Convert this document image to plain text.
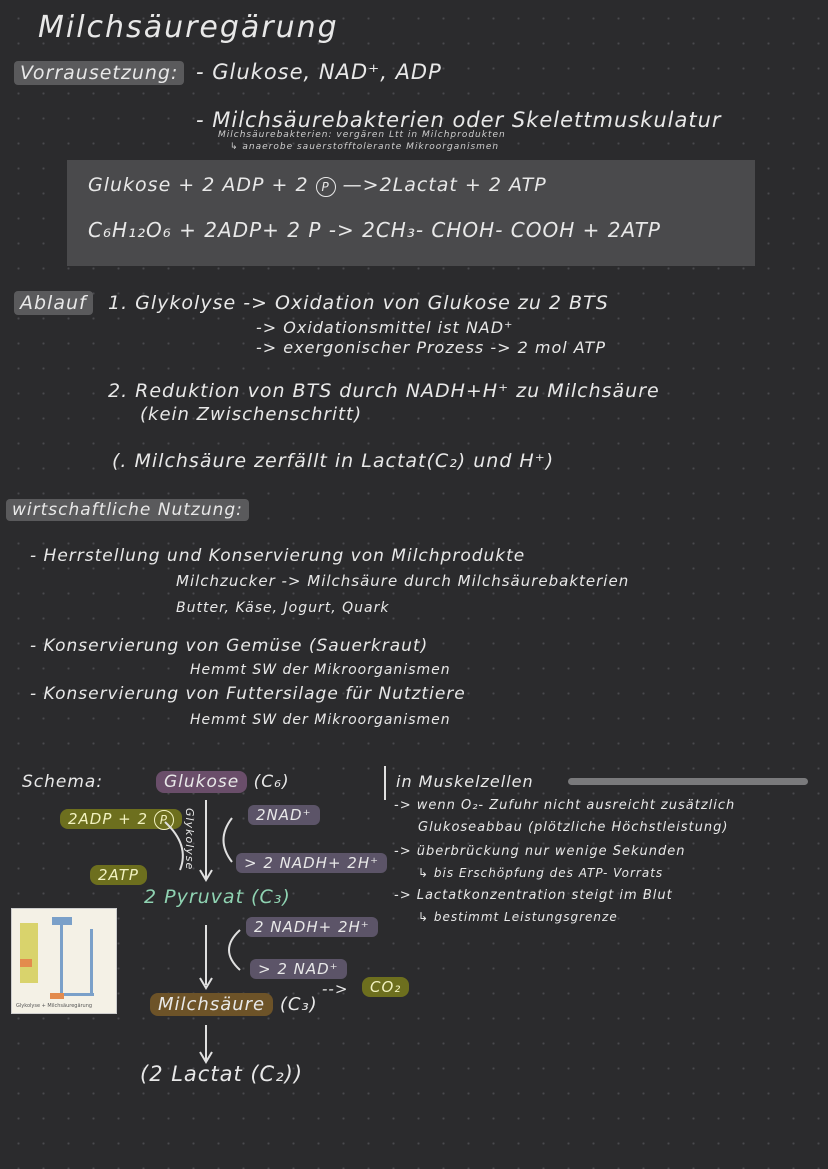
Milchsäuregärung
Vorrausetzung: - Glukose, NAD⁺, ADP
- Milchsäurebakterien oder Skelettmuskulatur
Milchsäurebakterien: vergären Ltt in Milchprodukten
↳ anaerobe sauerstofftolerante Mikroorganismen
Glukose + 2 ADP + 2 P —>2Lactat + 2 ATP
C₆H₁₂O₆ + 2ADP+ 2 P -> 2CH₃- CHOH- COOH + 2ATP
Ablauf	1. Glykolyse -> Oxidation von Glukose zu 2 BTS
-> Oxidationsmittel ist NAD⁺
-> exergonischer Prozess -> 2 mol ATP
2. Reduktion von BTS durch NADH+H⁺ zu Milchsäure
(kein Zwischenschritt)
(. Milchsäure zerfällt in Lactat(C₂) und H⁺)
wirtschaftliche Nutzung:
- Herrstellung und Konservierung von Milchprodukte
Milchzucker -> Milchsäure durch Milchsäurebakterien
Butter, Käse, Jogurt, Quark
- Konservierung von Gemüse (Sauerkraut)
Hemmt SW der Mikroorganismen
- Konservierung von Futtersilage für Nutztiere
Hemmt SW der Mikroorganismen
Schema:	Glukose (C₆)
2ADP + 2 P	2NAD⁺
> 2 NADH+ 2H⁺
2ATP
Glykolyse
2 Pyruvat (C₃)
2 NADH+ 2H⁺
> 2 NAD⁺
-->	CO₂
Milchsäure (C₃)
(2 Lactat (C₂))
Glykolyse + Milchsäuregärung
in Muskelzellen
-> wenn O₂- Zufuhr nicht ausreicht zusätzlich
Glukoseabbau (plötzliche Höchstleistung)
-> überbrückung nur wenige Sekunden
↳ bis Erschöpfung des ATP- Vorrats
-> Lactatkonzentration steigt im Blut
↳ bestimmt Leistungsgrenze
